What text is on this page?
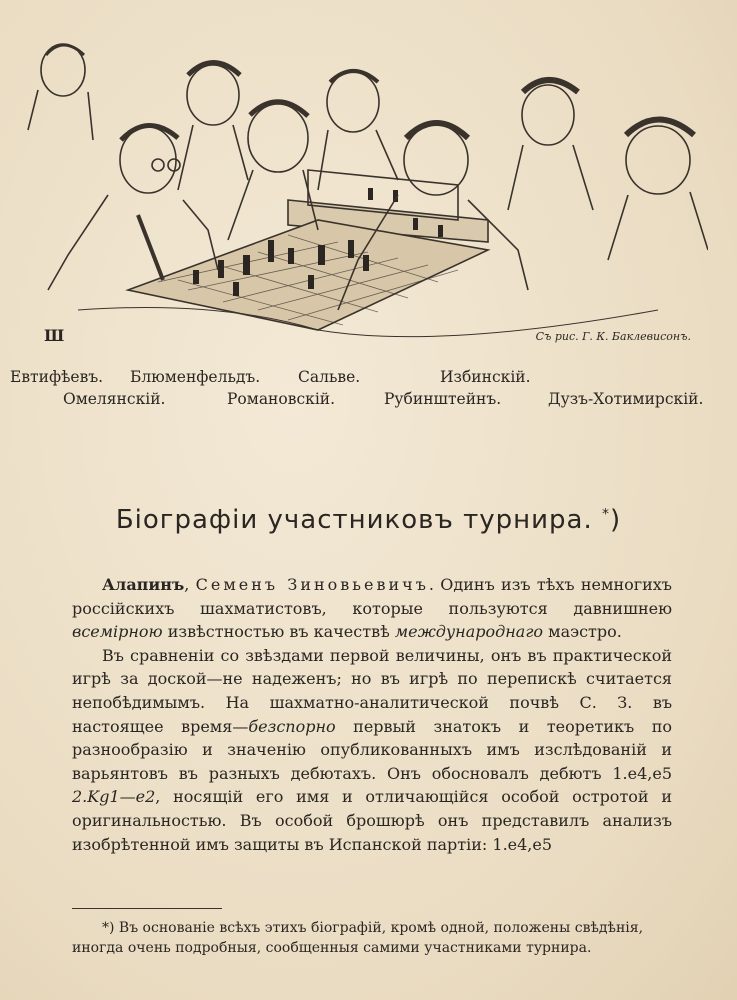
Ш	Съ рис. Г. К. Баклевисонъ.
Евтифѣевъ. Блюменфельдъ. Сальве.	Избинскій.
Омелянскій.	Романовскій.	Рубинштейнъ.	Дузъ-Хотимирскій.
Біографіи участниковъ турнира. *)

Алапинъ, Семенъ Зиновьевичъ. Одинъ изъ тѣхъ немногихъ россійскихъ шахматистовъ, которые пользуются давнишнею всемірною извѣстностью въ качествѣ международнаго маэстро.

Въ сравненіи со звѣздами первой величины, онъ въ практической игрѣ за доской—не надеженъ; но въ игрѣ по перепискѣ считается непобѣдимымъ. На шахматно-аналитической почвѣ С. З. въ настоящее время—безспорно первый знатокъ и теоретикъ по разнообразію и значенію опубликованныхъ имъ изслѣдованій и варьянтовъ въ разныхъ дебютахъ. Онъ обосновалъ дебютъ 1.e4,e5 2.Kg1—e2, носящій его имя и отличающійся особой остротой и оригинальностью. Въ особой брошюрѣ онъ представилъ анализъ изобрѣтенной имъ защиты въ Испанской партіи: 1.e4,e5

*) Въ основаніе всѣхъ этихъ біографій, кромѣ одной, положены свѣдѣнія, иногда очень подробныя, сообщенныя самими участниками турнира.
